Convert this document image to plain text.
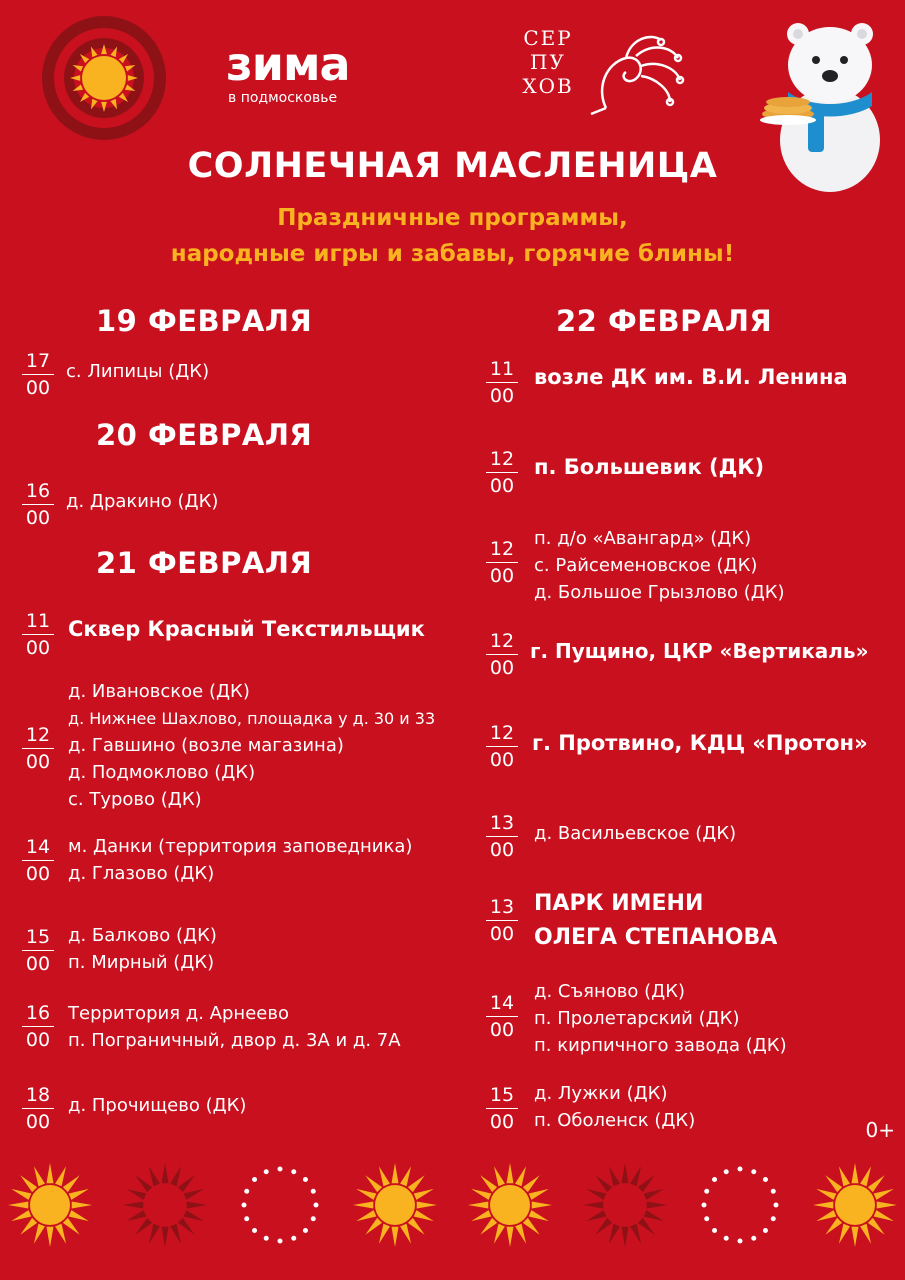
зима
в подмосковье
СЕР ПУ ХОВ
СОЛНЕЧНАЯ МАСЛЕНИЦА
Праздничные программы,
народные игры и забавы, горячие блины!
19 ФЕВРАЛЯ
17
00
с. Липицы (ДК)
20 ФЕВРАЛЯ
16
00
д. Дракино (ДК)
21 ФЕВРАЛЯ
11
00
Сквер Красный Текстильщик
12
00
д. Ивановское (ДК)
д. Нижнее Шахлово, площадка у д. 30 и 33
д. Гавшино (возле магазина)
д. Подмоклово (ДК)
с. Турово (ДК)
14
00
м. Данки (территория заповедника)
д. Глазово (ДК)
15
00
д. Балково (ДК)
п. Мирный (ДК)
16
00
Территория д. Арнеево
п. Пограничный, двор д. 3А и д. 7А
18
00
д. Прочищево (ДК)
22 ФЕВРАЛЯ
11
00
возле ДК им. В.И. Ленина
12
00
п. Большевик (ДК)
12
00
п. д/о «Авангард» (ДК)
с. Райсеменовское (ДК)
д. Большое Грызлово (ДК)
12
00
г. Пущино, ЦКР «Вертикаль»
12
00
г. Протвино, КДЦ «Протон»
13
00
д. Васильевское (ДК)
13
00
ПАРК ИМЕНИ
ОЛЕГА СТЕПАНОВА
14
00
д. Съяново (ДК)
п. Пролетарский (ДК)
п. кирпичного завода (ДК)
15
00
д. Лужки (ДК)
п. Оболенск (ДК)	0+
